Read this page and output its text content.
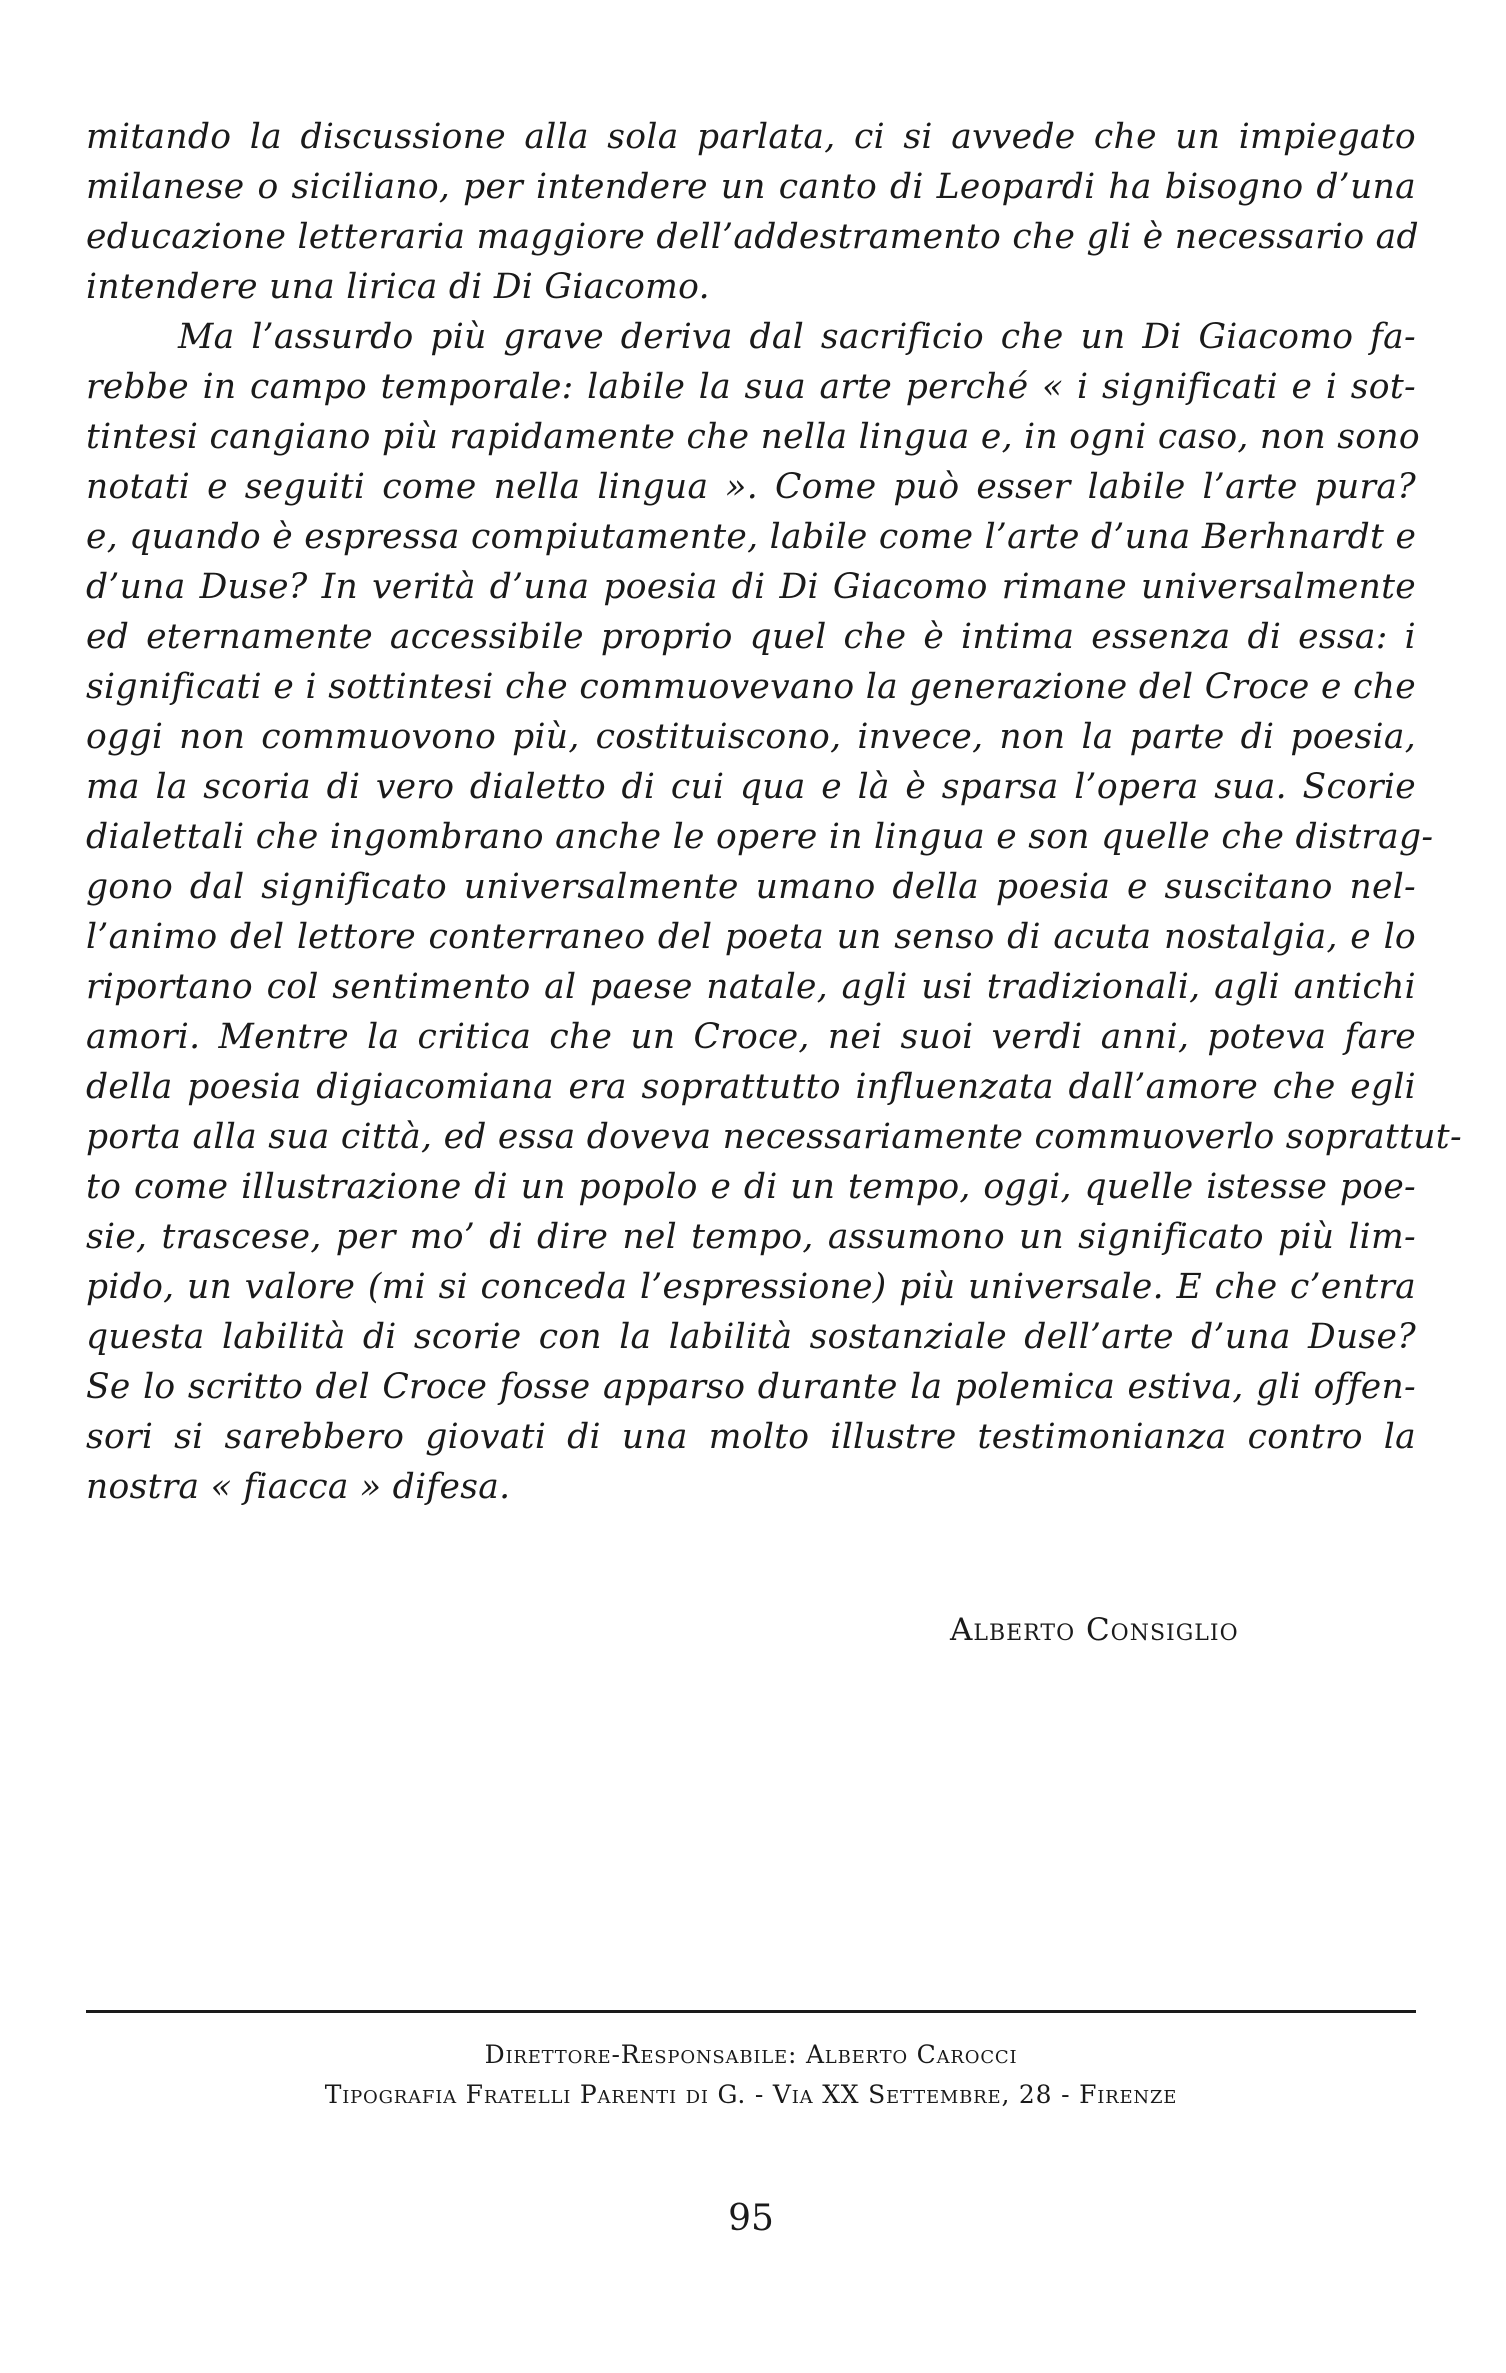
mitando la discussione alla sola parlata, ci si avvede che un impiegato
milanese o siciliano, per intendere un canto di Leopardi ha bisogno d’una
educazione letteraria maggiore dell’addestramento che gli è necessario ad
intendere una lirica di Di Giacomo.
Ma l’assurdo più grave deriva dal sacrificio che un Di Giacomo fa-
rebbe in campo temporale: labile la sua arte perché « i significati e i sot-
tintesi cangiano più rapidamente che nella lingua e, in ogni caso, non sono
notati e seguiti come nella lingua ». Come può esser labile l’arte pura?
e, quando è espressa compiutamente, labile come l’arte d’una Berhnardt e
d’una Duse? In verità d’una poesia di Di Giacomo rimane universalmente
ed eternamente accessibile proprio quel che è intima essenza di essa: i
significati e i sottintesi che commuovevano la generazione del Croce e che
oggi non commuovono più, costituiscono, invece, non la parte di poesia,
ma la scoria di vero dialetto di cui qua e là è sparsa l’opera sua. Scorie
dialettali che ingombrano anche le opere in lingua e son quelle che distrag-
gono dal significato universalmente umano della poesia e suscitano nel-
l’animo del lettore conterraneo del poeta un senso di acuta nostalgia, e lo
riportano col sentimento al paese natale, agli usi tradizionali, agli antichi
amori. Mentre la critica che un Croce, nei suoi verdi anni, poteva fare
della poesia digiacomiana era soprattutto influenzata dall’amore che egli
porta alla sua città, ed essa doveva necessariamente commuoverlo soprattut-
to come illustrazione di un popolo e di un tempo, oggi, quelle istesse poe-
sie, trascese, per mo’ di dire nel tempo, assumono un significato più lim-
pido, un valore (mi si conceda l’espressione) più universale. E che c’entra
questa labilità di scorie con la labilità sostanziale dell’arte d’una Duse?
Se lo scritto del Croce fosse apparso durante la polemica estiva, gli offen-
sori si sarebbero giovati di una molto illustre testimonianza contro la
nostra « fiacca » difesa.
Alberto Consiglio
Direttore-Responsabile: Alberto Carocci
Tipografia Fratelli Parenti di G. - Via XX Settembre, 28 - Firenze
95
